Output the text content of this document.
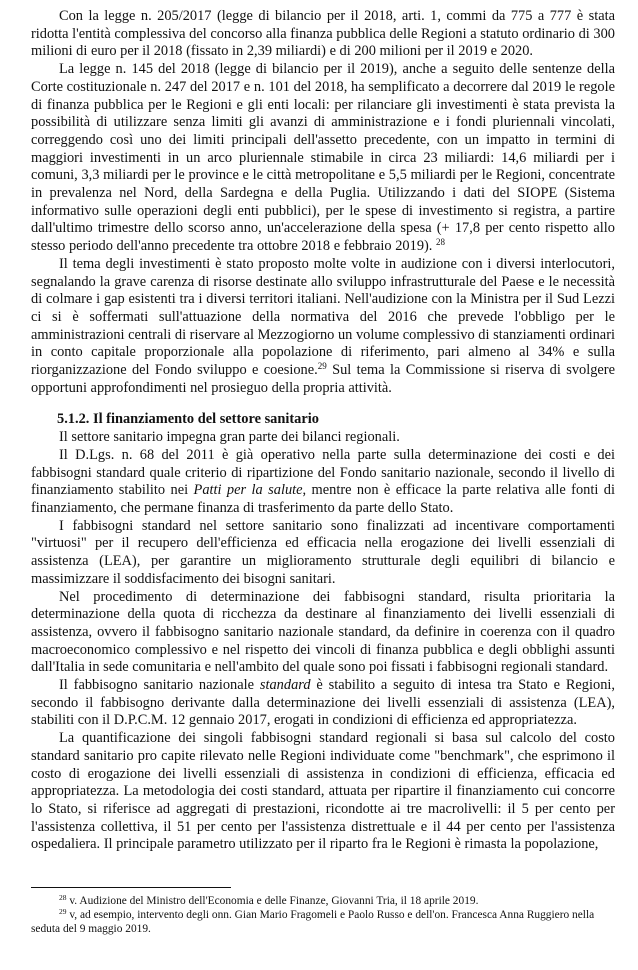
Con la legge n. 205/2017 (legge di bilancio per il 2018, arti. 1, commi da 775 a 777 è stata ridotta l'entità complessiva del concorso alla finanza pubblica delle Regioni a statuto ordinario di 300 milioni di euro per il 2018 (fissato in 2,39 miliardi) e di 200 milioni per il 2019 e 2020.

La legge n. 145 del 2018 (legge di bilancio per il 2019), anche a seguito delle sentenze della Corte costituzionale n. 247 del 2017 e n. 101 del 2018, ha semplificato a decorrere dal 2019 le regole di finanza pubblica per le Regioni e gli enti locali: per rilanciare gli investimenti è stata prevista la possibilità di utilizzare senza limiti gli avanzi di amministrazione e i fondi pluriennali vincolati, correggendo così uno dei limiti principali dell'assetto precedente, con un impatto in termini di maggiori investimenti in un arco pluriennale stimabile in circa 23 miliardi: 14,6 miliardi per i comuni, 3,3 miliardi per le province e le città metropolitane e 5,5 miliardi per le Regioni, concentrate in prevalenza nel Nord, della Sardegna e della Puglia. Utilizzando i dati del SIOPE (Sistema informativo sulle operazioni degli enti pubblici), per le spese di investimento si registra, a partire dall'ultimo trimestre dello scorso anno, un'accelerazione della spesa (+ 17,8 per cento rispetto allo stesso periodo dell'anno precedente tra ottobre 2018 e febbraio 2019). $^{28}$

Il tema degli investimenti è stato proposto molte volte in audizione con i diversi interlocutori, segnalando la grave carenza di risorse destinate allo sviluppo infrastrutturale del Paese e le necessità di colmare i gap esistenti tra i diversi territori italiani. Nell'audizione con la Ministra per il Sud Lezzi ci si è soffermati sull'attuazione della normativa del 2016 che prevede l'obbligo per le amministrazioni centrali di riservare al Mezzogiorno un volume complessivo di stanziamenti ordinari in conto capitale proporzionale alla popolazione di riferimento, pari almeno al 34% e sulla riorganizzazione del Fondo sviluppo e coesione.$^{29}$ Sul tema la Commissione si riserva di svolgere opportuni approfondimenti nel prosieguo della propria attività.

5.1.2. Il finanziamento del settore sanitario

Il settore sanitario impegna gran parte dei bilanci regionali.

Il D.Lgs. n. 68 del 2011 è già operativo nella parte sulla determinazione dei costi e dei fabbisogni standard quale criterio di ripartizione del Fondo sanitario nazionale, secondo il livello di finanziamento stabilito nei Patti per la salute, mentre non è efficace la parte relativa alle fonti di finanziamento, che permane finanza di trasferimento da parte dello Stato.

I fabbisogni standard nel settore sanitario sono finalizzati ad incentivare comportamenti "virtuosi" per il recupero dell'efficienza ed efficacia nella erogazione dei livelli essenziali di assistenza (LEA), per garantire un miglioramento strutturale degli equilibri di bilancio e massimizzare il soddisfacimento dei bisogni sanitari.

Nel procedimento di determinazione dei fabbisogni standard, risulta prioritaria la determinazione della quota di ricchezza da destinare al finanziamento dei livelli essenziali di assistenza, ovvero il fabbisogno sanitario nazionale standard, da definire in coerenza con il quadro macroeconomico complessivo e nel rispetto dei vincoli di finanza pubblica e degli obblighi assunti dall'Italia in sede comunitaria e nell'ambito del quale sono poi fissati i fabbisogni regionali standard.

Il fabbisogno sanitario nazionale standard è stabilito a seguito di intesa tra Stato e Regioni, secondo il fabbisogno derivante dalla determinazione dei livelli essenziali di assistenza (LEA), stabiliti con il D.P.C.M. 12 gennaio 2017, erogati in condizioni di efficienza ed appropriatezza.

La quantificazione dei singoli fabbisogni standard regionali si basa sul calcolo del costo standard sanitario pro capite rilevato nelle Regioni individuate come "benchmark", che esprimono il costo di erogazione dei livelli essenziali di assistenza in condizioni di efficienza, efficacia ed appropriatezza. La metodologia dei costi standard, attuata per ripartire il finanziamento cui concorre lo Stato, si riferisce ad aggregati di prestazioni, ricondotte ai tre macrolivelli: il 5 per cento per l'assistenza collettiva, il 51 per cento per l'assistenza distrettuale e il 44 per cento per l'assistenza ospedaliera. Il principale parametro utilizzato per il riparto fra le Regioni è rimasta la popolazione,

$^{28}$ v. Audizione del Ministro dell'Economia e delle Finanze, Giovanni Tria, il 18 aprile 2019.

$^{29}$ v, ad esempio, intervento degli onn. Gian Mario Fragomeli e Paolo Russo e dell'on. Francesca Anna Ruggiero nella seduta del 9 maggio 2019.
